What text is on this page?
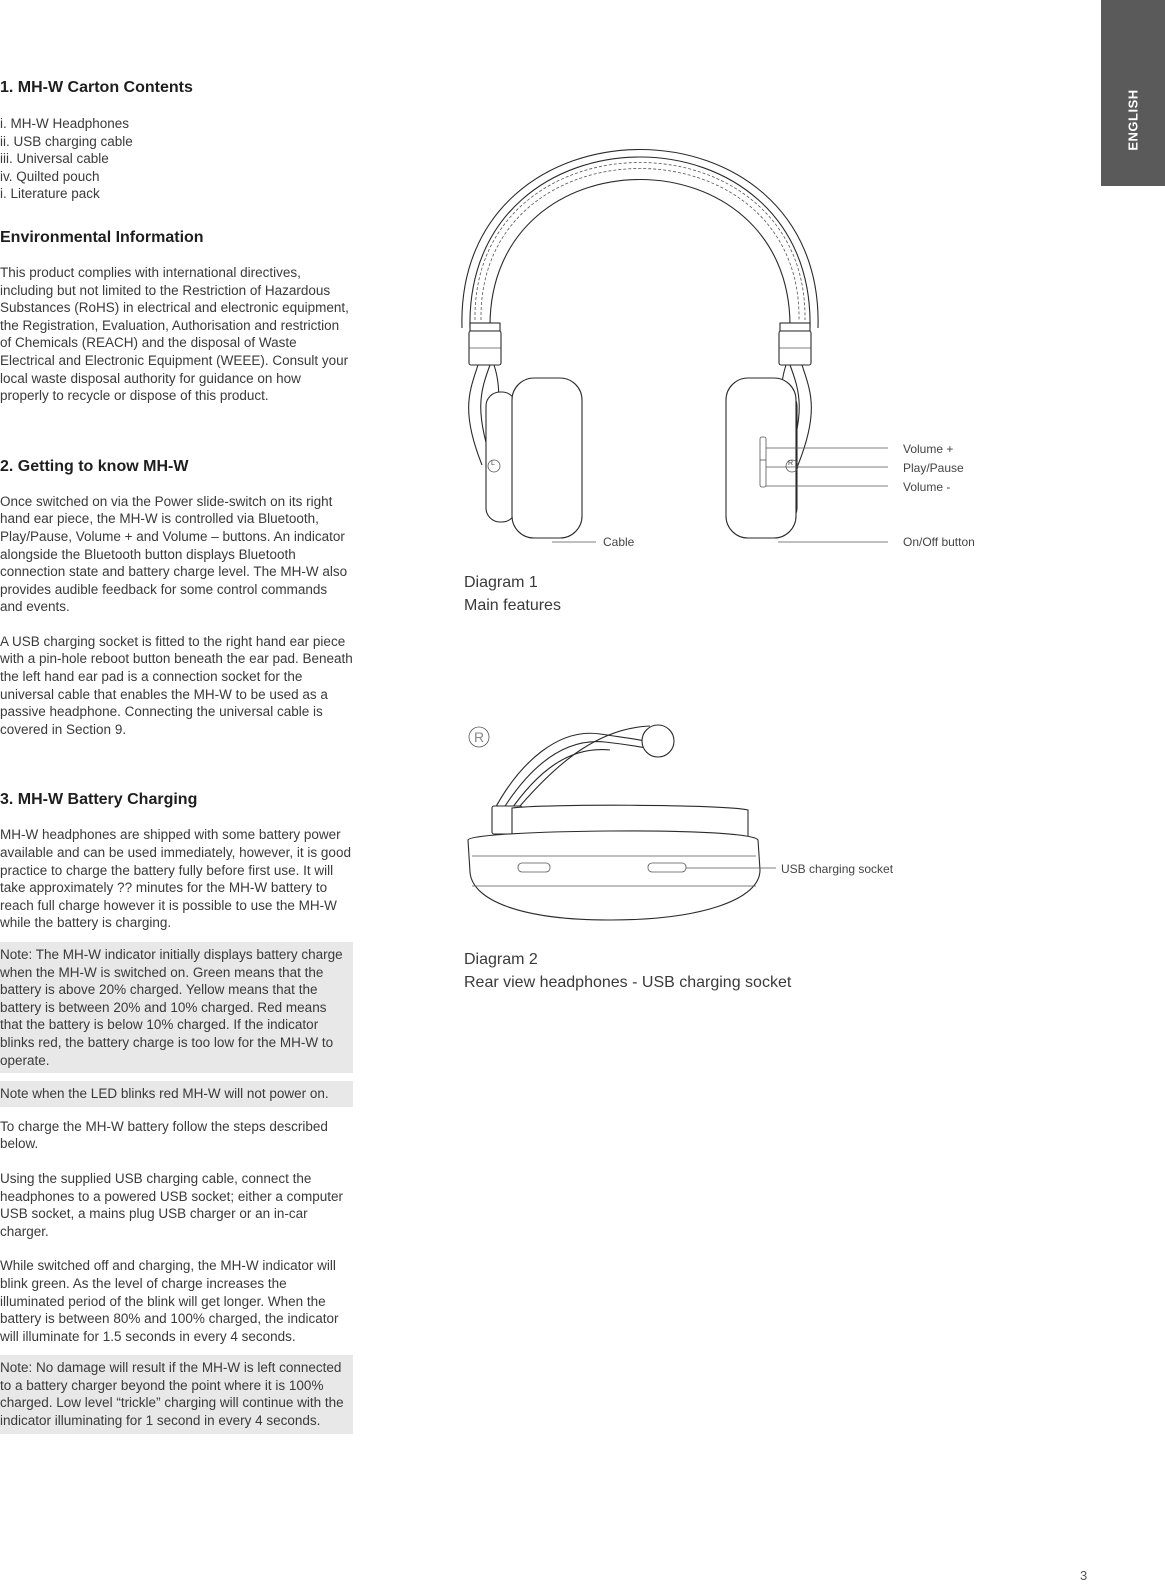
ENGLISH
1. MH-W Carton Contents
i. MH-W Headphones
ii. USB charging cable
iii. Universal cable
iv. Quilted pouch
i. Literature pack
Environmental Information

This product complies with international directives, including but not limited to the Restriction of Hazardous Substances (RoHS) in electrical and electronic equipment, the Registration, Evaluation, Authorisation and restriction of Chemicals (REACH) and the disposal of Waste Electrical and Electronic Equipment (WEEE). Consult your local waste disposal authority for guidance on how properly to recycle or dispose of this product.

2. Getting to know MH-W

Once switched on via the Power slide-switch on its right hand ear piece, the MH-W is controlled via Bluetooth, Play/Pause, Volume + and Volume – buttons. An indicator alongside the Bluetooth button displays Bluetooth connection state and battery charge level. The MH-W also provides audible feedback for some control commands and events.

A USB charging socket is fitted to the right hand ear piece with a pin-hole reboot button beneath the ear pad. Beneath the left hand ear pad is a connection socket for the universal cable that enables the MH-W to be used as a passive headphone. Connecting the universal cable is covered in Section 9.

3. MH-W Battery Charging

MH-W headphones are shipped with some battery power available and can be used immediately, however, it is good practice to charge the battery fully before first use. It will take approximately ?? minutes for the MH-W battery to reach full charge however it is possible to use the MH-W while the battery is charging.

Note: The MH-W indicator initially displays battery charge when the MH-W is switched on. Green means that the battery is above 20% charged. Yellow means that the battery is between 20% and 10% charged. Red means that the battery is below 10% charged. If the indicator blinks red, the battery charge is too low for the MH-W to operate.

Note when the LED blinks red MH-W will not power on.

To charge the MH-W battery follow the steps described below.

Using the supplied USB charging cable, connect the headphones to a powered USB socket; either a computer USB socket, a mains plug USB charger or an in-car charger.

While switched off and charging, the MH-W indicator will blink green. As the level of charge increases the illuminated period of the blink will get longer. When the battery is between 80% and 100% charged, the indicator will illuminate for 1.5 seconds in every 4 seconds.

Note: No damage will result if the MH-W is left connected to a battery charger beyond the point where it is 100% charged. Low level “trickle” charging will continue with the indicator illuminating for 1 second in every 4 seconds.

L	R
Volume +
Play/Pause
Volume -
Cable	On/Off button
Diagram 1
Main features
R
USB charging socket
Diagram 2
Rear view headphones - USB charging socket
3
